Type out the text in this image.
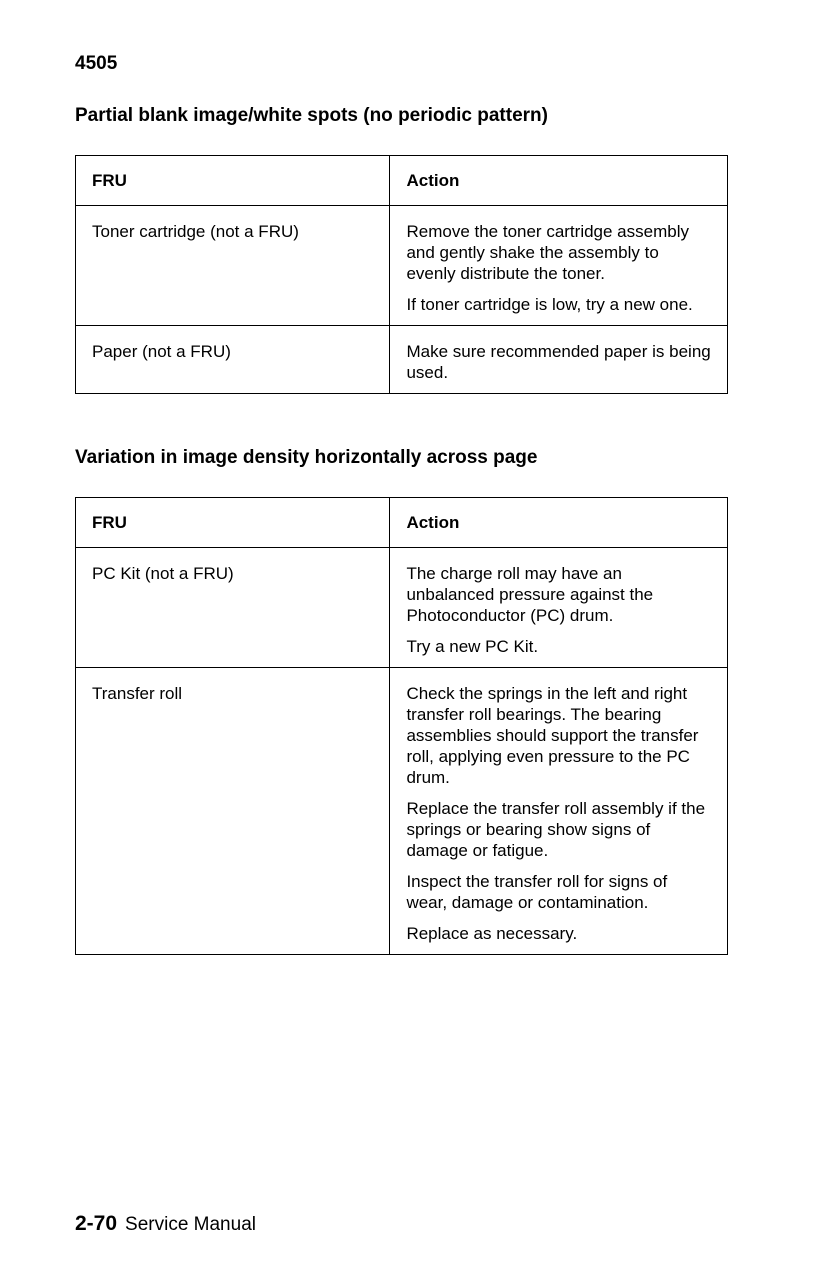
4505
Partial blank image/white spots (no periodic pattern)
FRU	Action
Toner cartridge (not a FRU)	Remove the toner cartridge assembly and gently shake the assembly to evenly distribute the toner.

If toner cartridge is low, try a new one.

Paper (not a FRU)	Make sure recommended paper is being used.

Variation in image density horizontally across page
FRU	Action
PC Kit (not a FRU)	The charge roll may have an unbalanced pressure against the Photoconductor (PC) drum.

Try a new PC Kit.

Transfer roll	Check the springs in the left and right transfer roll bearings. The bearing assemblies should support the transfer roll, applying even pressure to the PC drum.

Replace the transfer roll assembly if the springs or bearing show signs of damage or fatigue.

Inspect the transfer roll for signs of wear, damage or contamination.

Replace as necessary.

2-70 Service Manual
